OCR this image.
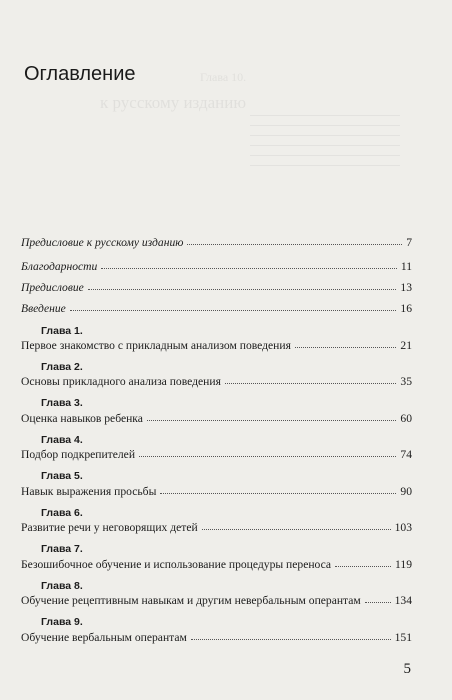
Глава 10.
к русскому изданию
Оглавление
Предисловие к русскому изданию	7
Благодарности	11
Предисловие	13
Введение	16
Глава 1.
Первое знакомство с прикладным анализом поведения	21
Глава 2.
Основы прикладного анализа поведения	35
Глава 3.
Оценка навыков ребенка	60
Глава 4.
Подбор подкрепителей	74
Глава 5.
Навык выражения просьбы	90
Глава 6.
Развитие речи у неговорящих детей	103
Глава 7.
Безошибочное обучение и использование процедуры переноса	119
Глава 8.
Обучение рецептивным навыкам и другим невербальным оперантам	134
Глава 9.
Обучение вербальным оперантам	151
5
